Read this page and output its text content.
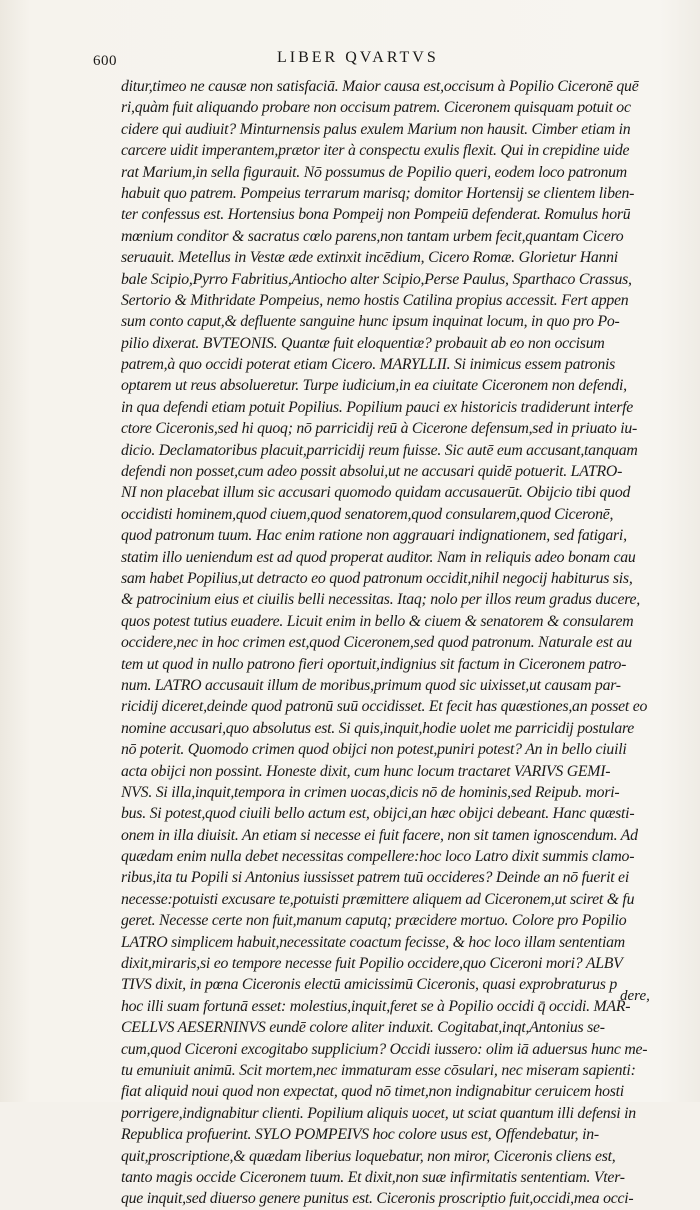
600	LIBER QVARTVS
ditur,timeo ne causæ non satisfaciā. Maior causa est,occisum à Popilio Ciceronē quē
ri,quàm fuit aliquando probare non occisum patrem. Ciceronem quisquam potuit oc
cidere qui audiuit? Minturnensis palus exulem Marium non hausit. Cimber etiam in
carcere uidit imperantem,prætor iter à conspectu exulis flexit. Qui in crepidine uide
rat Marium,in sella figurauit. Nō possumus de Popilio queri, eodem loco patronum
habuit quo patrem. Pompeius terrarum marisq; domitor Hortensij se clientem liben-
ter confessus est. Hortensius bona Pompeij non Pompeiū defenderat. Romulus horū
mœnium conditor & sacratus cœlo parens,non tantam urbem fecit,quantam Cicero
seruauit. Metellus in Vestæ æde extinxit incēdium, Cicero Romæ. Glorietur Hanni
bale Scipio,Pyrro Fabritius,Antiocho alter Scipio,Perse Paulus, Sparthaco Crassus,
Sertorio & Mithridate Pompeius, nemo hostis Catilina propius accessit. Fert appen
sum conto caput,& defluente sanguine hunc ipsum inquinat locum, in quo pro Po-
pilio dixerat. BVTEONIS. Quantæ fuit eloquentiæ? probauit ab eo non occisum
patrem,à quo occidi poterat etiam Cicero. MARYLLII. Si inimicus essem patronis
optarem ut reus absolueretur. Turpe iudicium,in ea ciuitate Ciceronem non defendi,
in qua defendi etiam potuit Popilius. Popilium pauci ex historicis tradiderunt interfe
ctore Ciceronis,sed hi quoq; nō parricidij reū à Cicerone defensum,sed in priuato iu-
dicio. Declamatoribus placuit,parricidij reum fuisse. Sic autē eum accusant,tanquam
defendi non posset,cum adeo possit absolui,ut ne accusari quidē potuerit. LATRO-
NI non placebat illum sic accusari quomodo quidam accusauerūt. Obijcio tibi quod
occidisti hominem,quod ciuem,quod senatorem,quod consularem,quod Ciceronē,
quod patronum tuum. Hac enim ratione non aggrauari indignationem, sed fatigari,
statim illo ueniendum est ad quod properat auditor. Nam in reliquis adeo bonam cau
sam habet Popilius,ut detracto eo quod patronum occidit,nihil negocij habiturus sis,
& patrocinium eius et ciuilis belli necessitas. Itaq; nolo per illos reum gradus ducere,
quos potest tutius euadere. Licuit enim in bello & ciuem & senatorem & consularem
occidere,nec in hoc crimen est,quod Ciceronem,sed quod patronum. Naturale est au
tem ut quod in nullo patrono fieri oportuit,indignius sit factum in Ciceronem patro-
num. LATRO accusauit illum de moribus,primum quod sic uixisset,ut causam par-
ricidij diceret,deinde quod patronū suū occidisset. Et fecit has quæstiones,an posset eo
nomine accusari,quo absolutus est. Si quis,inquit,hodie uolet me parricidij postulare
nō poterit. Quomodo crimen quod obijci non potest,puniri potest? An in bello ciuili
acta obijci non possint. Honeste dixit, cum hunc locum tractaret VARIVS GEMI-
NVS. Si illa,inquit,tempora in crimen uocas,dicis nō de hominis,sed Reipub. mori-
bus. Si potest,quod ciuili bello actum est, obijci,an hæc obijci debeant. Hanc quæsti-
onem in illa diuisit. An etiam si necesse ei fuit facere, non sit tamen ignoscendum. Ad
quædam enim nulla debet necessitas compellere:hoc loco Latro dixit summis clamo-
ribus,ita tu Popili si Antonius iussisset patrem tuū occideres? Deinde an nō fuerit ei
necesse:potuisti excusare te,potuisti præmittere aliquem ad Ciceronem,ut sciret & fu
geret. Necesse certe non fuit,manum caputq; præcidere mortuo. Colore pro Popilio
LATRO simplicem habuit,necessitate coactum fecisse, & hoc loco illam sententiam
dixit,miraris,si eo tempore necesse fuit Popilio occidere,quo Ciceroni mori? ALBV
TIVS dixit, in pœna Ciceronis electū amicissimū Ciceronis, quasi exprobraturus p
hoc illi suam fortunā esset: molestius,inquit,feret se à Popilio occidi q̄ occidi. MAR-
CELLVS AESERNINVS eundē colore aliter induxit. Cogitabat,inqt,Antonius se-
cum,quod Ciceroni excogitabo supplicium? Occidi iussero: olim iā aduersus hunc me-
tu emuniuit animū. Scit mortem,nec immaturam esse cōsulari, nec miseram sapienti:
fiat aliquid noui quod non expectat, quod nō timet,non indignabitur ceruicem hosti
porrigere,indignabitur clienti. Popilium aliquis uocet, ut sciat quantum illi defensi in
Republica profuerint. SYLO POMPEIVS hoc colore usus est, Offendebatur, in-
quit,proscriptione,& quædam liberius loquebatur, non miror, Ciceronis cliens est,
tanto magis occide Ciceronem tuum. Et dixit,non suæ infirmitatis sententiam. Vter-
que inquit,sed diuerso genere punitus est. Ciceronis proscriptio fuit,occidi,mea occi-
dere,
